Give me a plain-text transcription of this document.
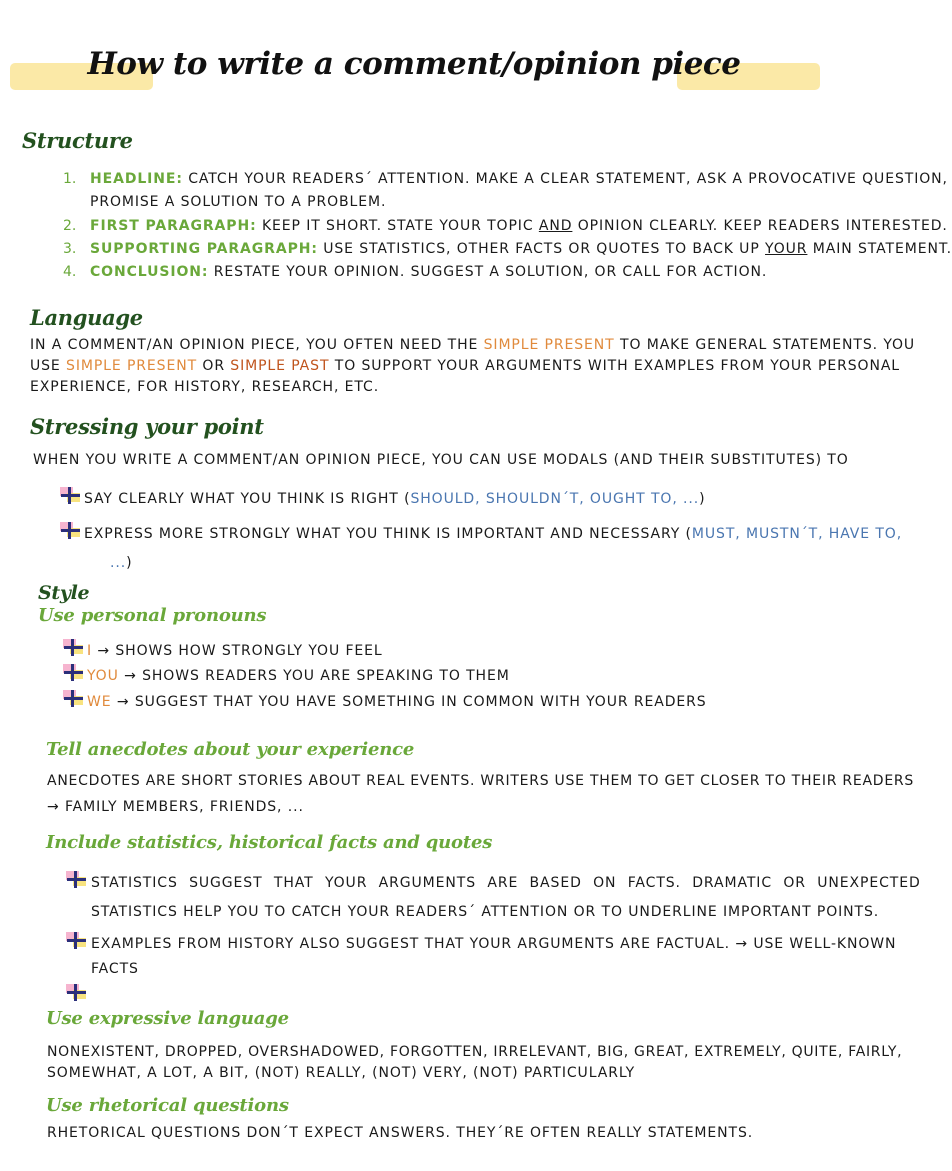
How to write a comment/opinion piece
Structure
1. HEADLINE: CATCH YOUR READERS´ ATTENTION. MAKE A CLEAR STATEMENT, ASK A PROVOCATIVE QUESTION,
PROMISE A SOLUTION TO A PROBLEM.
2. FIRST PARAGRAPH: KEEP IT SHORT. STATE YOUR TOPIC AND OPINION CLEARLY. KEEP READERS INTERESTED.
3. SUPPORTING PARAGRAPH: USE STATISTICS, OTHER FACTS OR QUOTES TO BACK UP YOUR MAIN STATEMENT.
4. CONCLUSION: RESTATE YOUR OPINION. SUGGEST A SOLUTION, OR CALL FOR ACTION.
Language
IN A COMMENT/AN OPINION PIECE, YOU OFTEN NEED THE SIMPLE PRESENT TO MAKE GENERAL STATEMENTS. YOU
USE SIMPLE PRESENT OR SIMPLE PAST TO SUPPORT YOUR ARGUMENTS WITH EXAMPLES FROM YOUR PERSONAL
EXPERIENCE, FOR HISTORY, RESEARCH, ETC.
Stressing your point
WHEN YOU WRITE A COMMENT/AN OPINION PIECE, YOU CAN USE MODALS (AND THEIR SUBSTITUTES) TO
SAY CLEARLY WHAT YOU THINK IS RIGHT (SHOULD, SHOULDN´T, OUGHT TO, ...)
EXPRESS MORE STRONGLY WHAT YOU THINK IS IMPORTANT AND NECESSARY (MUST, MUSTN´T, HAVE TO,
...)
Style
Use personal pronouns
I → SHOWS HOW STRONGLY YOU FEEL
YOU → SHOWS READERS YOU ARE SPEAKING TO THEM
WE → SUGGEST THAT YOU HAVE SOMETHING IN COMMON WITH YOUR READERS
Tell anecdotes about your experience
ANECDOTES ARE SHORT STORIES ABOUT REAL EVENTS. WRITERS USE THEM TO GET CLOSER TO THEIR READERS
→ FAMILY MEMBERS, FRIENDS, ...
Include statistics, historical facts and quotes
STATISTICS SUGGEST THAT YOUR ARGUMENTS ARE BASED ON FACTS. DRAMATIC OR UNEXPECTED
STATISTICS HELP YOU TO CATCH YOUR READERS´ ATTENTION OR TO UNDERLINE IMPORTANT POINTS.
EXAMPLES FROM HISTORY ALSO SUGGEST THAT YOUR ARGUMENTS ARE FACTUAL. → USE WELL-KNOWN
FACTS
Use expressive language
NONEXISTENT, DROPPED, OVERSHADOWED, FORGOTTEN, IRRELEVANT, BIG, GREAT, EXTREMELY, QUITE, FAIRLY,
SOMEWHAT, A LOT, A BIT, (NOT) REALLY, (NOT) VERY, (NOT) PARTICULARLY
Use rhetorical questions
RHETORICAL QUESTIONS DON´T EXPECT ANSWERS. THEY´RE OFTEN REALLY STATEMENTS.
